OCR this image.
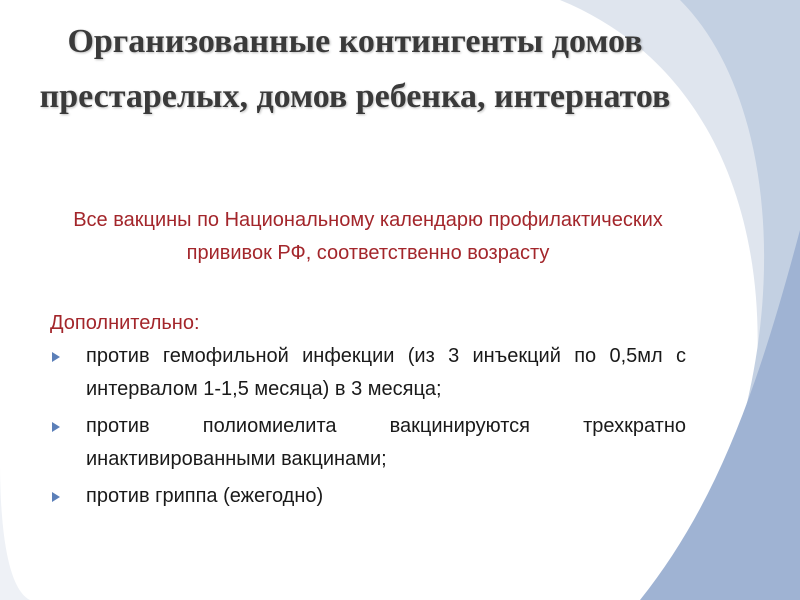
Организованные контингенты домов престарелых, домов ребенка, интернатов

Все вакцины по Национальному календарю профилактических прививок РФ, соответственно возрасту

Дополнительно:

против гемофильной инфекции (из 3 инъекций по 0,5мл с интервалом 1-1,5 месяца) в 3 месяца;
против полиомиелита вакцинируются трехкратно инактивированными вакцинами;
против гриппа (ежегодно)
